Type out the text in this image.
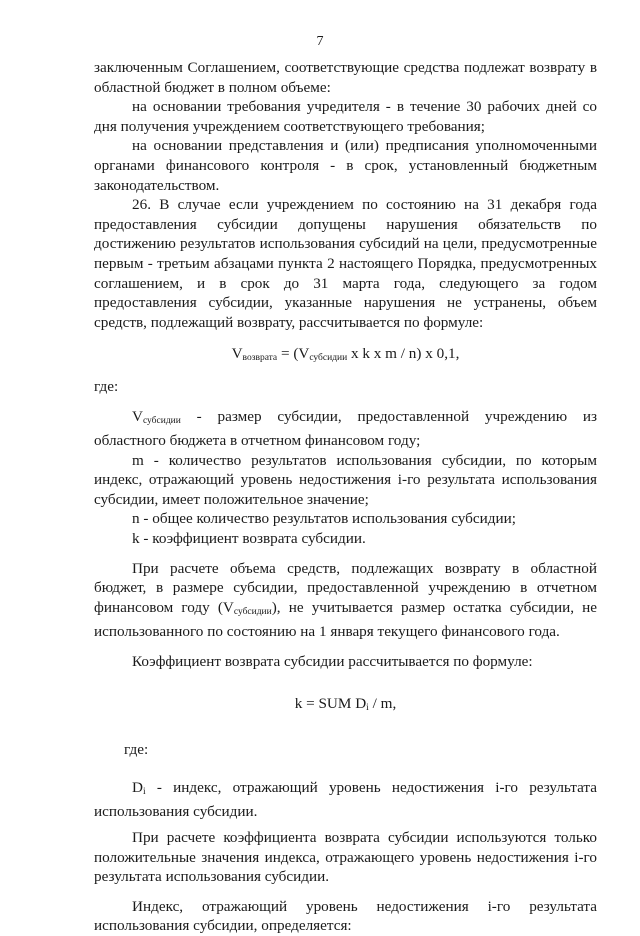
7

заключенным Соглашением, соответствующие средства подлежат возврату в областной бюджет в полном объеме:

на основании требования учредителя - в течение 30 рабочих дней со дня получения учреждением соответствующего требования;

на основании представления и (или) предписания уполномоченными органами финансового контроля - в срок, установленный бюджетным законодательством.

26. В случае если учреждением по состоянию на 31 декабря года предоставления субсидии допущены нарушения обязательств по достижению результатов использования субсидий на цели, предусмотренные первым - третьим абзацами пункта 2 настоящего Порядка, предусмотренных соглашением, и в срок до 31 марта года, следующего за годом предоставления субсидии, указанные нарушения не устранены, объем средств, подлежащий возврату, рассчитывается по формуле:

$V_{возврата} = (V_{субсидии}$ x k x m / n) x 0,1,

где:

$V_{субсидии}$ - размер субсидии, предоставленной учреждению из областного бюджета в отчетном финансовом году;

m - количество результатов использования субсидии, по которым индекс, отражающий уровень недостижения i-го результата использования субсидии, имеет положительное значение;

n - общее количество результатов использования субсидии;

k - коэффициент возврата субсидии.

При расчете объема средств, подлежащих возврату в областной бюджет, в размере субсидии, предоставленной учреждению в отчетном финансовом году $(V_{субсидии})$, не учитывается размер остатка субсидии, не использованного по состоянию на 1 января текущего финансового года.

Коэффициент возврата субсидии рассчитывается по формуле:

k = SUM $D_i$ / m,

где:

$D_i$ - индекс, отражающий уровень недостижения i-го результата использования субсидии.

При расчете коэффициента возврата субсидии используются только положительные значения индекса, отражающего уровень недостижения i-го результата использования субсидии.

Индекс, отражающий уровень недостижения i-го результата использования субсидии, определяется:
